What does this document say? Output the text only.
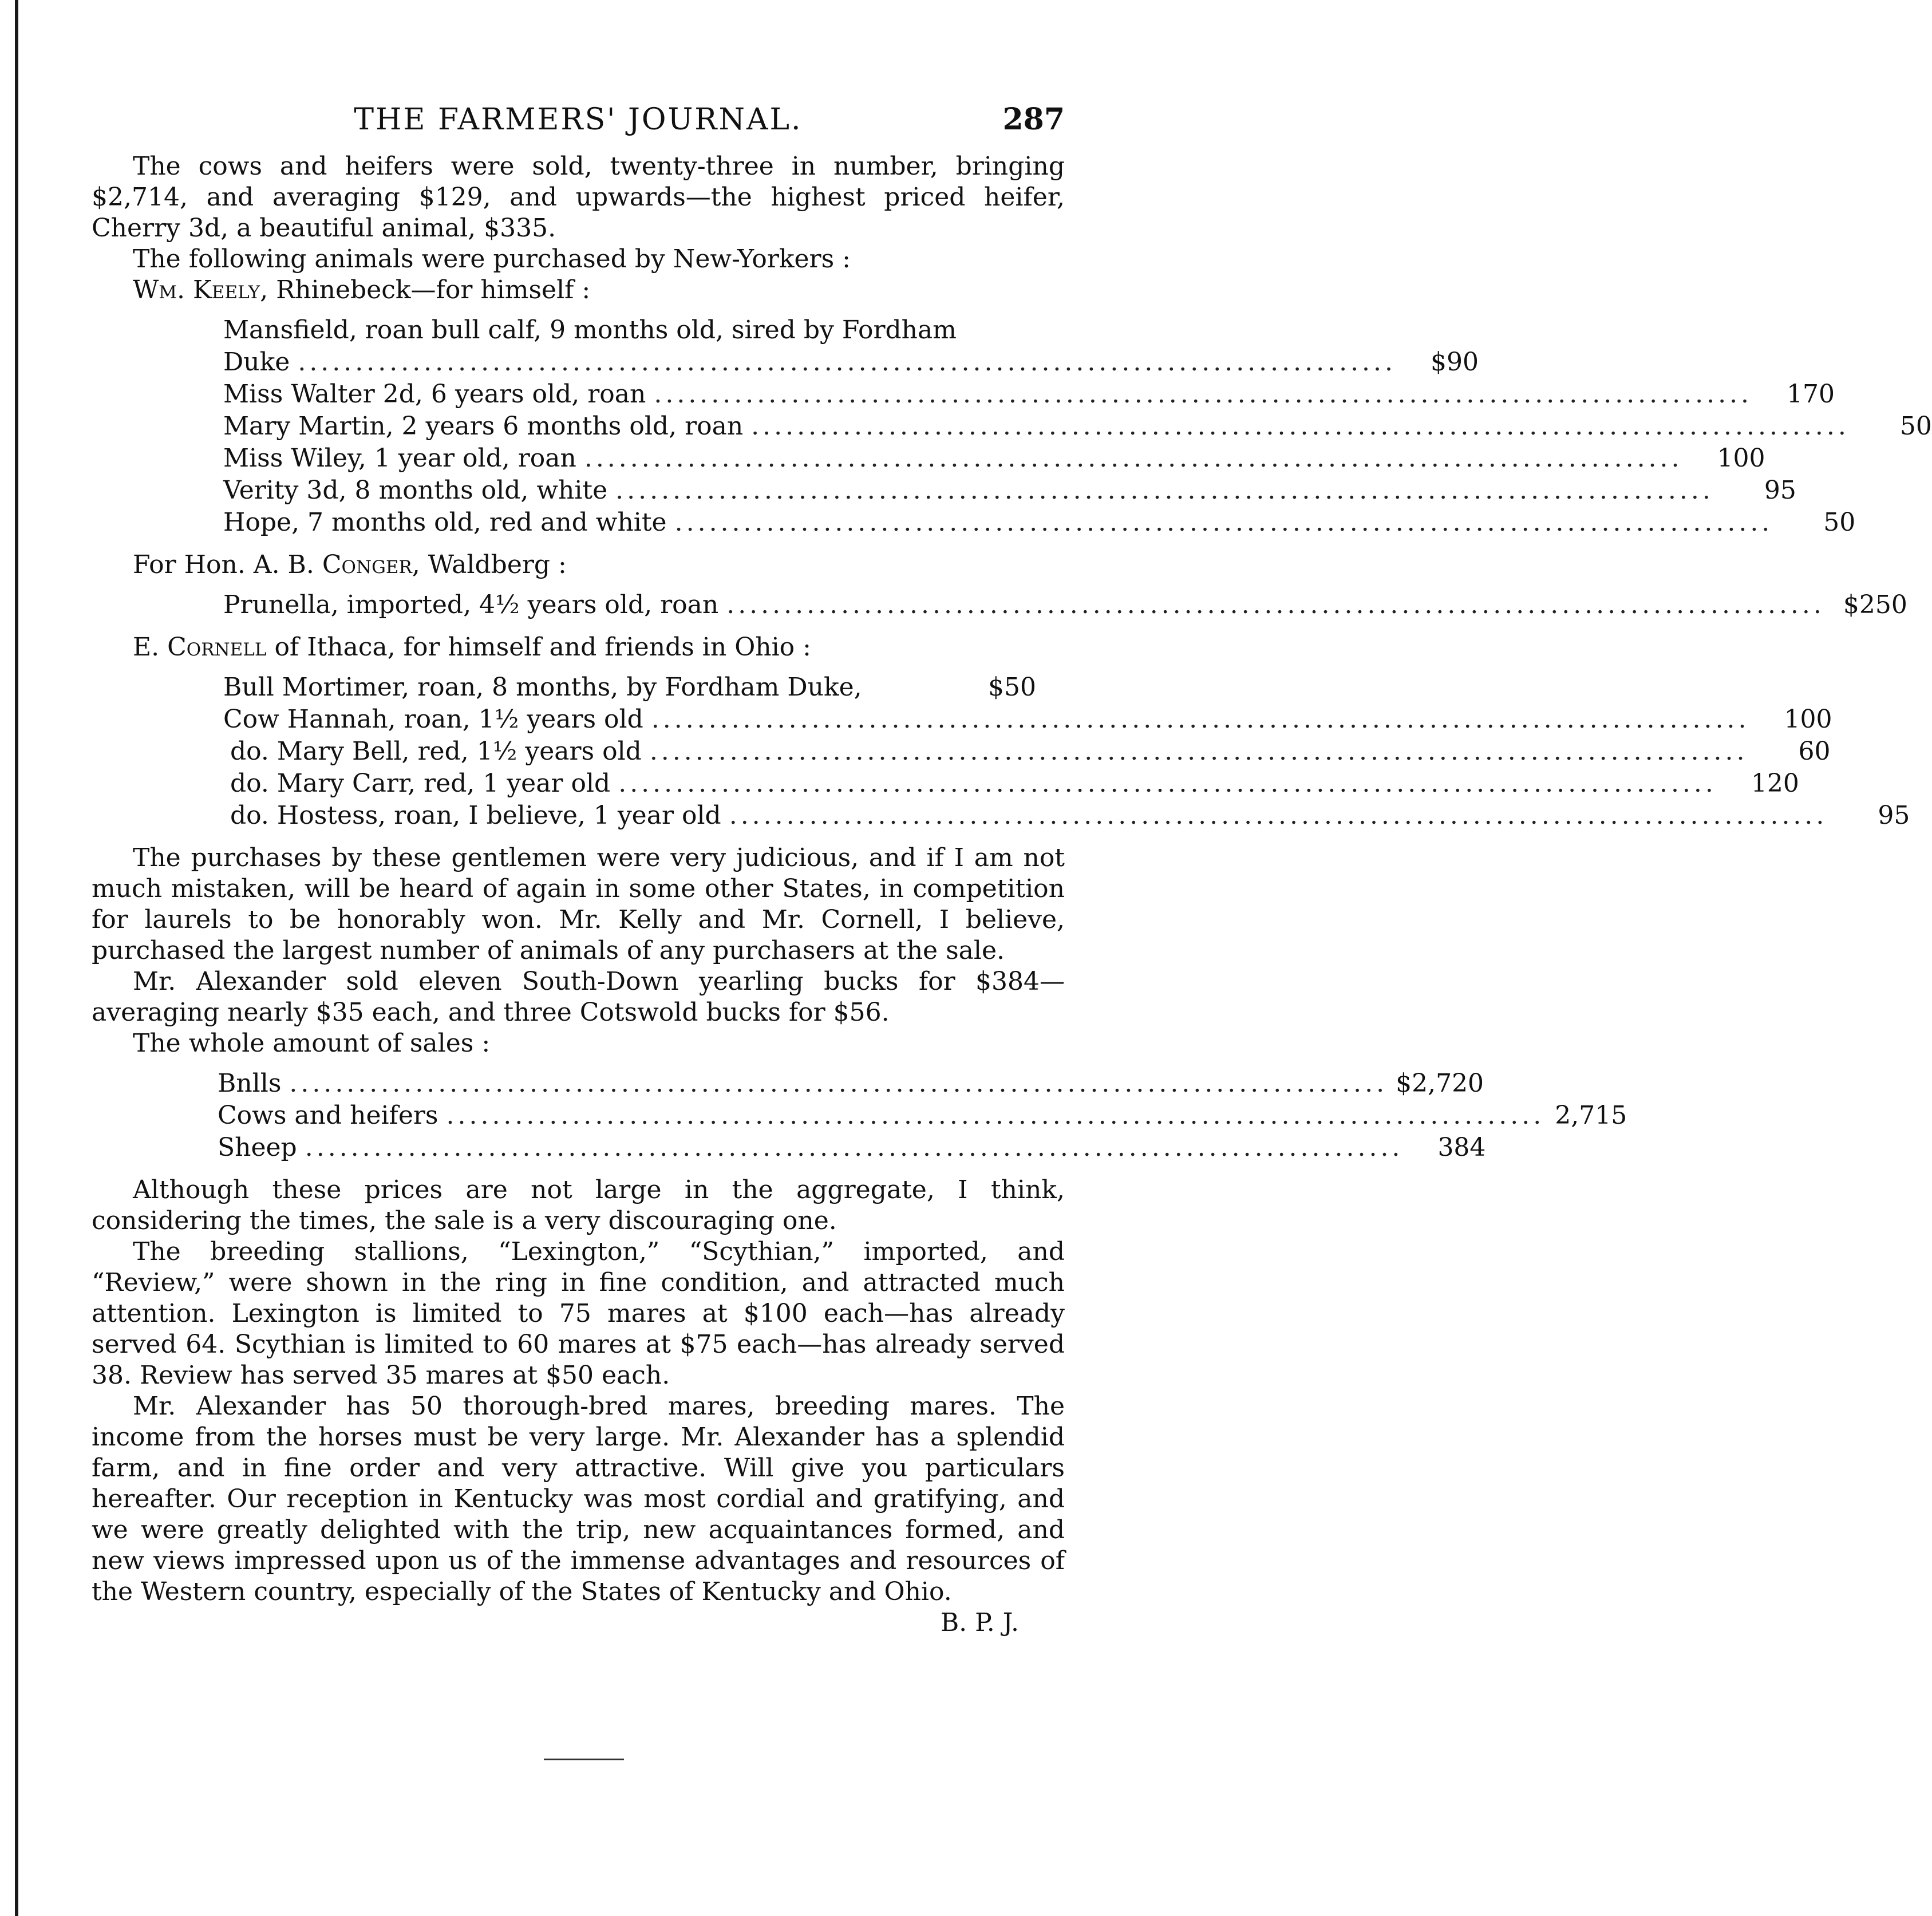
THE FARMERS' JOURNAL.	287

The cows and heifers were sold, twenty-three in number, bringing $2,714, and averaging $129, and upwards—the highest priced heifer, Cherry 3d, a beautiful animal, $335.

The following animals were purchased by New-Yorkers :

Wm. Keely, Rhinebeck—for himself :

Mansfield, roan bull calf, 9 months old, sired by Fordham
Duke ................................................................................................	$90
Miss Walter 2d, 6 years old, roan ................................................................................................	170
Mary Martin, 2 years 6 months old, roan ................................................................................................	50
Miss Wiley, 1 year old, roan ................................................................................................	100
Verity 3d, 8 months old, white ................................................................................................	95
Hope, 7 months old, red and white ................................................................................................	50

For Hon. A. B. Conger, Waldberg :

Prunella, imported, 4½ years old, roan ................................................................................................ $250

E. Cornell of Ithaca, for himself and friends in Ohio :

Bull Mortimer, roan, 8 months, by Fordham Duke,	$50
Cow Hannah, roan, 1½ years old ................................................................................................	100
do. Mary Bell, red, 1½ years old ................................................................................................	60
do. Mary Carr, red, 1 year old ................................................................................................	120
do. Hostess, roan, I believe, 1 year old ................................................................................................	95

The purchases by these gentlemen were very judicious, and if I am not much mistaken, will be heard of again in some other States, in competition for laurels to be honorably won. Mr. Kelly and Mr. Cornell, I believe, purchased the largest number of animals of any purchasers at the sale.

Mr. Alexander sold eleven South-Down yearling bucks for $384—averaging nearly $35 each, and three Cotswold bucks for $56.

The whole amount of sales :

Bnlls ................................................................................................ $2,720
Cows and heifers ................................................................................................ 2,715
Sheep ................................................................................................	384

Although these prices are not large in the aggregate, I think, considering the times, the sale is a very discouraging one.

The breeding stallions, “Lexington,” “Scythian,” imported, and “Review,” were shown in the ring in fine condition, and attracted much attention. Lexington is limited to 75 mares at $100 each—has already served 64. Scythian is limited to 60 mares at $75 each—has already served 38. Review has served 35 mares at $50 each.

Mr. Alexander has 50 thorough-bred mares, breeding mares. The income from the horses must be very large. Mr. Alexander has a splendid farm, and in fine order and very attractive. Will give you particulars hereafter. Our reception in Kentucky was most cordial and gratifying, and we were greatly delighted with the trip, new acquaintances formed, and new views impressed upon us of the immense advantages and resources of the Western country, especially of the States of Kentucky and Ohio.

B. P. J.
